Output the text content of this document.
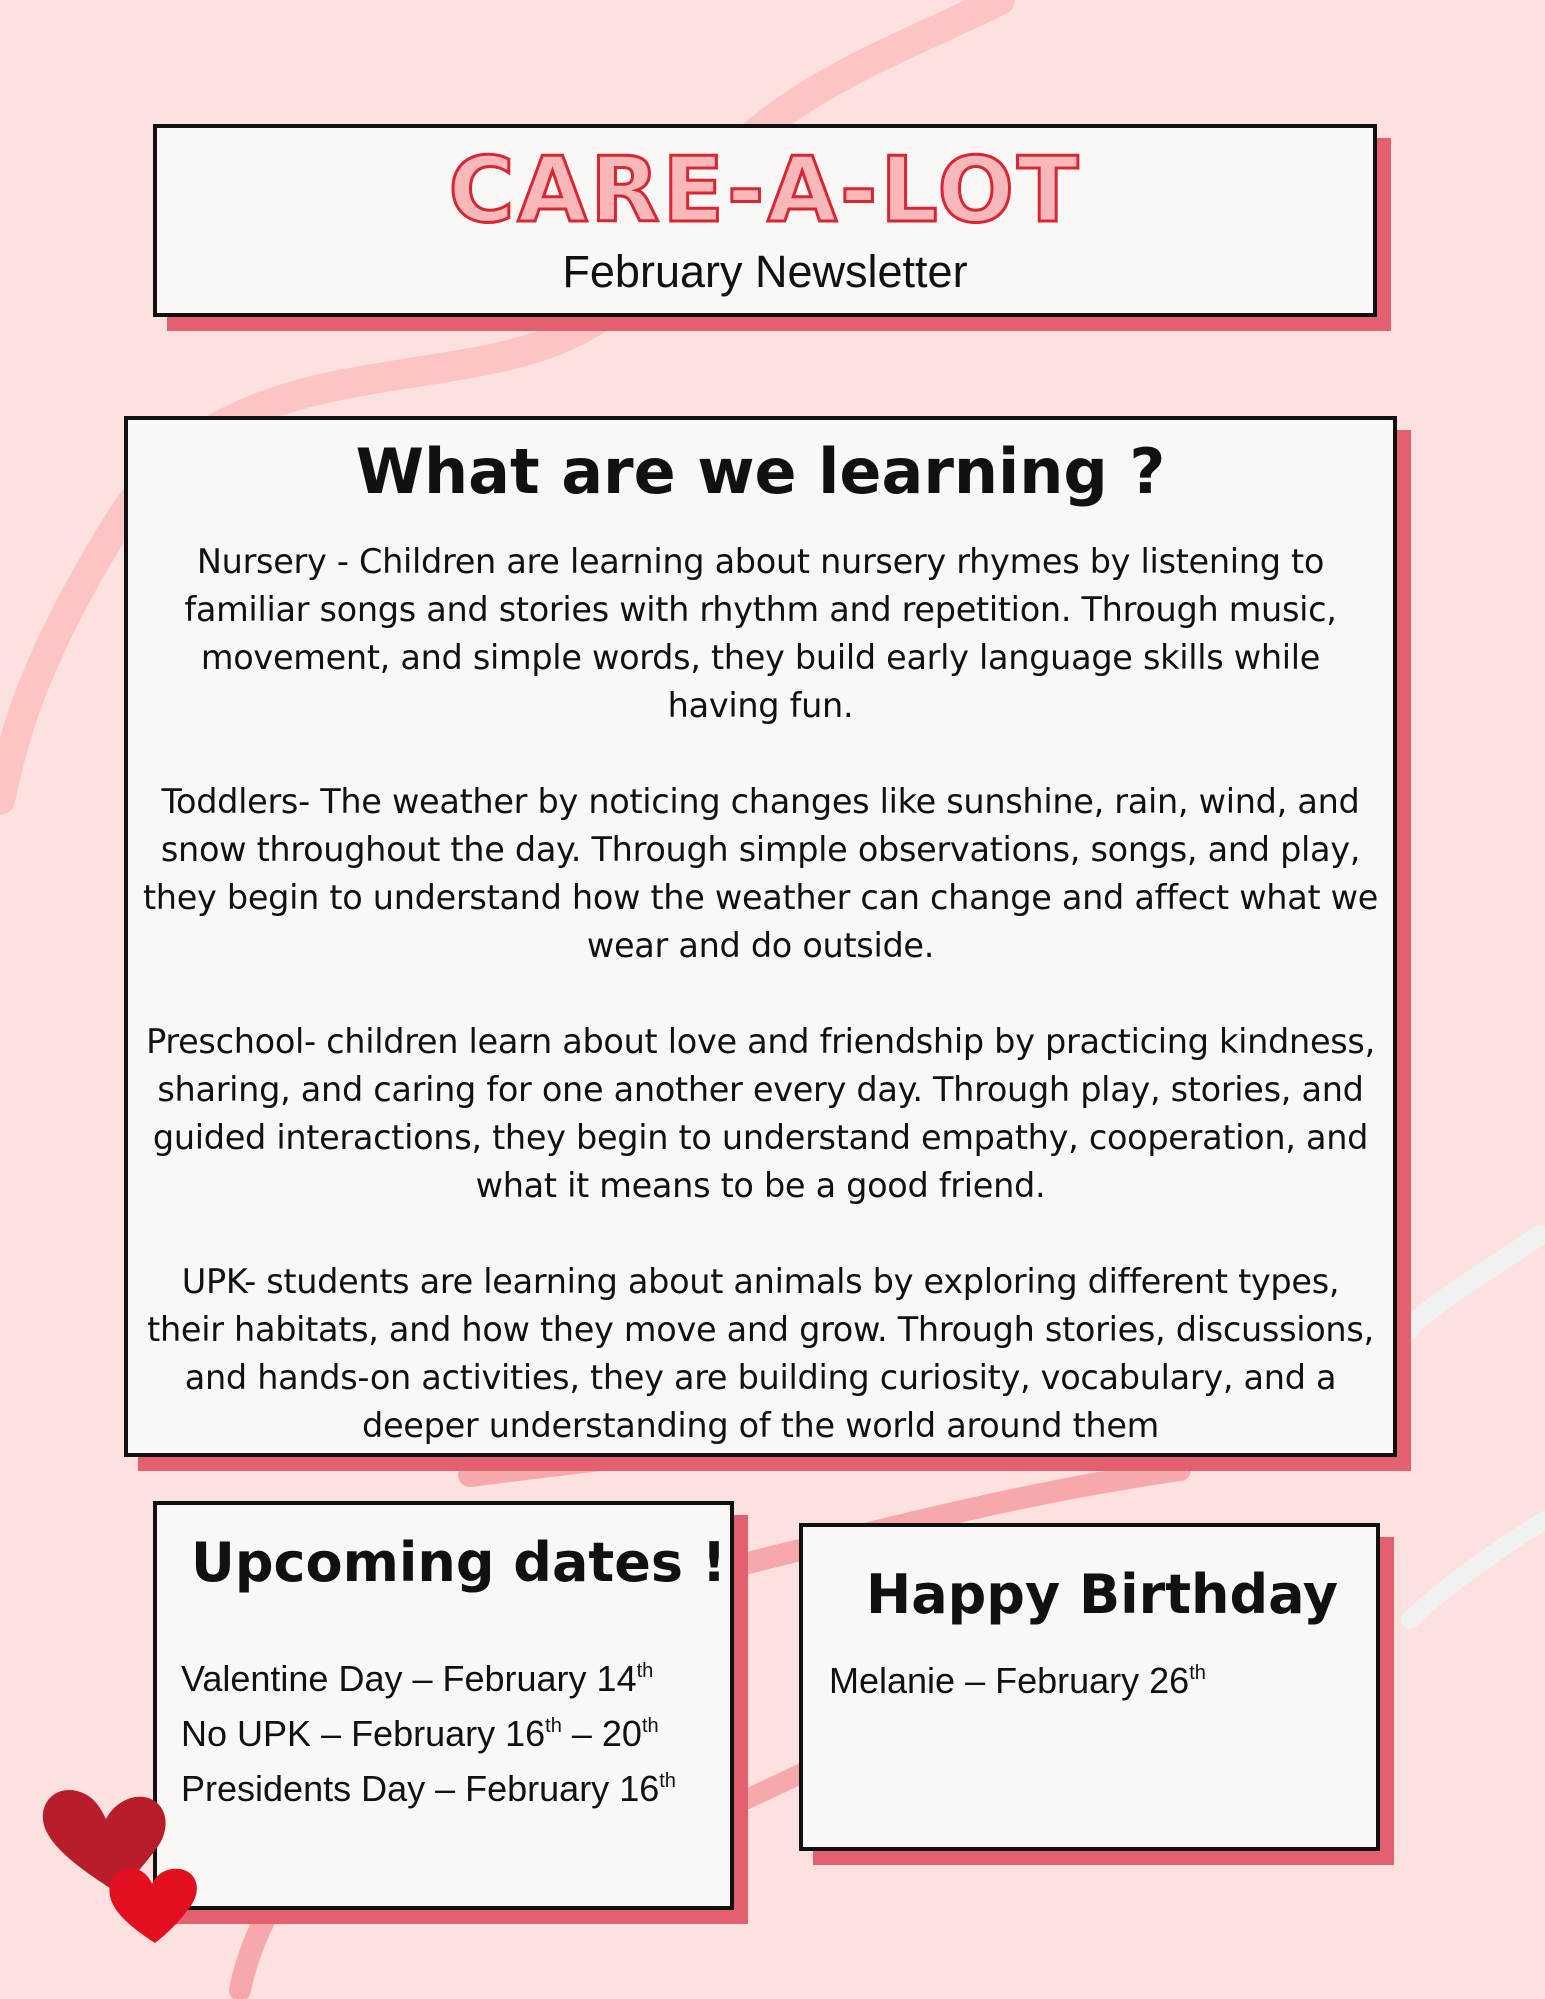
CARE-A-LOT
February Newsletter
What are we learning ?

Nursery - Children are learning about nursery rhymes by listening to familiar songs and stories with rhythm and repetition. Through music, movement, and simple words, they build early language skills while having fun.

Toddlers- The weather by noticing changes like sunshine, rain, wind, and snow throughout the day. Through simple observations, songs, and play, they begin to understand how the weather can change and affect what we wear and do outside.

Preschool- children learn about love and friendship by practicing kindness, sharing, and caring for one another every day. Through play, stories, and guided interactions, they begin to understand empathy, cooperation, and what it means to be a good friend.

UPK- students are learning about animals by exploring different types, their habitats, and how they move and grow. Through stories, discussions, and hands-on activities, they are building curiosity, vocabulary, and a deeper understanding of the world around them

Upcoming dates !
Valentine Day – February 14th
No UPK – February 16th – 20th
Presidents Day – February 16th
Happy Birthday
Melanie – February 26th
